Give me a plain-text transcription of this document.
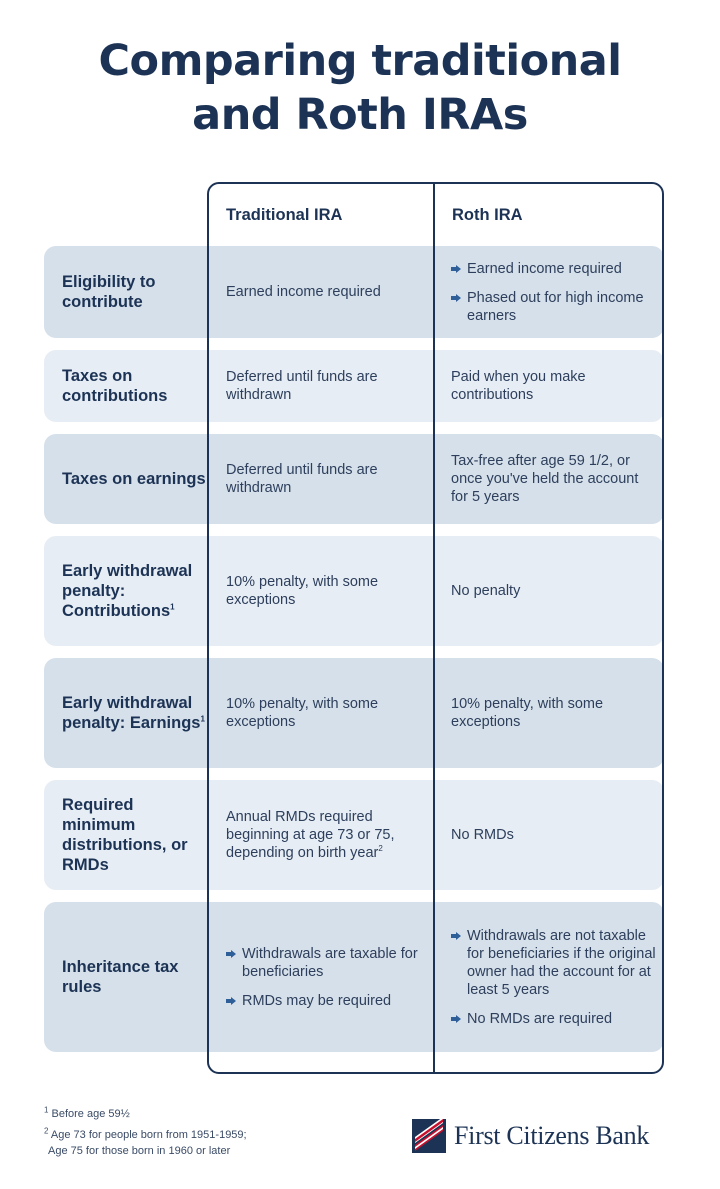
Comparing traditional
and Roth IRAs
Traditional IRA	Roth IRA
Eligibility to contribute
Earned income required
Earned income required
Phased out for high income earners
Taxes on contributions
Deferred until funds are withdrawn
Paid when you make contributions
Taxes on earnings Deferred until funds are withdrawn
Tax-free after age 59 1/2, or once you've held the account for 5 years
Early withdrawal penalty: Contributions$^1$
10% penalty, with some exceptions
No penalty
Early withdrawal penalty: Earnings$^1$
10% penalty, with some exceptions
10% penalty, with some exceptions
Required minimum distributions, or RMDs
Annual RMDs required beginning at age 73 or 75, depending on birth year$^2$
No RMDs
Inheritance tax rules
Withdrawals are taxable for beneficiaries
RMDs may be required
Withdrawals are not taxable for beneficiaries if the original owner had the account for at least 5 years
No RMDs are required
$^1$ Before age 59½
$^2$ Age 73 for people born from 1951-1959;
Age 75 for those born in 1960 or later
First Citizens Bank
